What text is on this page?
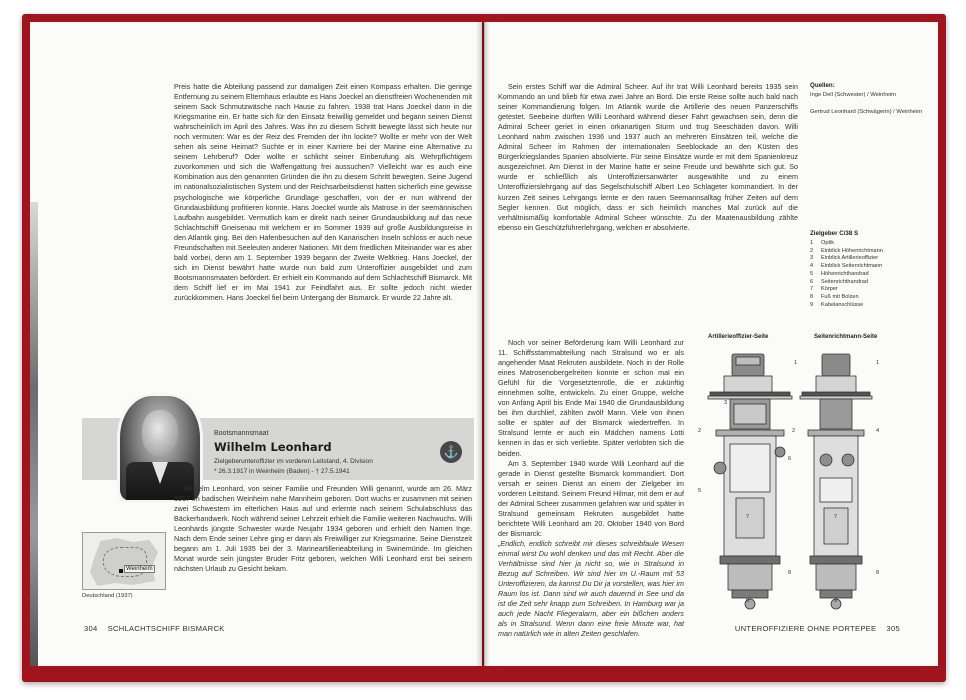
Preis hatte die Abteilung passend zur damaligen Zeit einen Kompass erhalten. Die geringe Entfernung zu seinem Elternhaus erlaubte es Hans Joeckel an dienstfreien Wochenenden mit seinem Sack Schmutzwäsche nach Hause zu fahren. 1938 trat Hans Joeckel dann in die Kriegsmarine ein. Er hatte sich für den Einsatz freiwillig gemeldet und begann seinen Dienst wahrscheinlich im April des Jahres. Was ihn zu diesem Schritt bewegte lässt sich heute nur noch vermuten: War es der Reiz des Fremden der ihn lockte? Wollte er mehr von der Welt sehen als seine Heimat? Suchte er in einer Karriere bei der Marine eine Alternative zu seinem Lehrberuf? Oder wollte er schlicht seiner Einberufung als Wehrpflichtigem zuvorkommen und sich die Waffengattung frei aussuchen? Vielleicht war es auch eine Kombination aus den genannten Gründen die ihn zu diesem Schritt bewegten. Seine Jugend im nationalsozialistischen System und der Reichsarbeitsdienst hatten sicherlich eine gewisse psychologische wie körperliche Grundlage geschaffen, von der er nun während der Grundausbildung profitieren konnte. Hans Joeckel wurde als Matrose in der seemännischen Laufbahn ausgebildet. Vermutlich kam er direkt nach seiner Grundausbildung auf das neue Schlachtschiff Gneisenau mit welchem er im Sommer 1939 auf große Ausbildungsreise in den Atlantik ging. Bei den Hafenbesuchen auf den Kanarischen Inseln schloss er auch neue Freundschaften mit Seeleuten anderer Nationen. Mit dem friedlichen Miteinander war es aber bald vorbei, denn am 1. September 1939 begann der Zweite Weltkrieg. Hans Joeckel, der sich im Dienst bewährt hatte wurde nun bald zum Unteroffizier ausgebildet und zum Bootsmannsmaaten befördert. Er erhielt ein Kommando auf dem Schlachtschiff Bismarck. Mit dem Schiff lief er im Mai 1941 zur Feindfahrt aus. Er sollte jedoch nicht wieder zurückkommen. Hans Joeckel fiel beim Untergang der Bismarck. Er wurde 22 Jahre alt.

Bootsmannsmaat
Wilhelm Leonhard
Zielgeberunteroffizier im vorderen Leitstand, 4. Division
* 26.3.1917 in Weinheim (Baden) - † 27.5.1941
⚓

Wilhelm Leonhard, von seiner Familie und Freunden Willi genannt, wurde am 26. März 1917 im badischen Weinheim nahe Mannheim geboren. Dort wuchs er zusammen mit seinen zwei Schwestern im elterlichen Haus auf und erlernte nach seinem Schulabschluss das Bäckerhandwerk. Noch während seiner Lehrzeit erhielt die Familie weiteren Nachwuchs. Willi Leonhards jüngste Schwester wurde Neujahr 1934 geboren und erhielt den Namen Inge. Nach dem Ende seiner Lehre ging er dann als Freiwilliger zur Kriegsmarine. Seine Dienstzeit begann am 1. Juli 1935 bei der 3. Marineartillerieabteilung in Swinemünde. Im gleichen Monat wurde sein jüngster Bruder Fritz geboren, welchen Willi Leonhard erst bei seinem nächsten Urlaub zu Gesicht bekam.

Weinheim
Deutschland (1937)
304 SCHLACHTSCHIFF BISMARCK

Sein erstes Schiff war die Admiral Scheer. Auf ihr trat Willi Leonhard bereits 1935 sein Kommando an und blieb für etwa zwei Jahre an Bord. Die erste Reise sollte auch bald nach seiner Kommandierung folgen. Im Atlantik wurde die Artillerie des neuen Panzerschiffs getestet. Seebeine dürften Willi Leonhard während dieser Fahrt gewachsen sein, denn die Admiral Scheer geriet in einen orkanartigen Sturm und trug Seeschäden davon. Willi Leonhard nahm zwischen 1936 und 1937 auch an mehreren Einsätzen teil, welche die Admiral Scheer im Rahmen der internationalen Seeblockade an den Küsten des Bürgerkriegslandes Spanien absolvierte. Für seine Einsätze wurde er mit dem Spanienkreuz ausgezeichnet. Am Dienst in der Marine hatte er seine Freude und bewährte sich gut. So wurde er schließlich als Unteroffiziersanwärter ausgewählte und zu einem Unteroffizierslehrgang auf das Segelschulschiff Albert Leo Schlageter kommandiert. In der kurzen Zeit seines Lehrgangs lernte er den rauen Seemannsalltag früher Zeiten auf dem Segler kennen. Gut möglich, dass er sich heimlich manches Mal zurück auf die verhältnismäßig komfortable Admiral Scheer wünschte. Zu der Maatenausbildung zählte ebenso ein Geschützführerlehrgang, welchen er absolvierte.

Noch vor seiner Beförderung kam Willi Leonhard zur 11. Schiffsstammabteilung nach Stralsund wo er als angehender Maat Rekruten ausbildete. Noch in der Rolle eines Matrosenobergefreiten konnte er schon mal ein Gefühl für die Vorgesetztenrolle, die er zukünftig einnehmen sollte, entwickeln. Zu einer Gruppe, welche von Anfang April bis Ende Mai 1940 die Grundausbildung bei ihm durchlief, zählten zwölf Mann. Viele von ihnen sollte er später auf der Bismarck wiedertreffen. In Stralsund lernte er auch ein Mädchen namens Lotti kennen in das er sich verliebte. Später verlobten sich die beiden.

Am 3. September 1940 wurde Willi Leonhard auf die gerade in Dienst gestellte Bismarck kommandiert. Dort versah er seinen Dienst an einem der Zielgeber im vorderen Leitstand. Seinem Freund Hilmar, mit dem er auf der Admiral Scheer zusammen gefahren war und später in Stralsund gemeinsam Rekruten ausgebildet hatte berichtete Willi Leonhard am 20. Oktober 1940 von Bord der Bismarck:

„Endlich, endlich schreibt mir dieses schreibfaule Wesen einmal wirst Du wohl denken und das mit Recht. Aber die Verhältnisse sind hier ja nicht so, wie in Stralsund in Bezug auf Schreiben. Wir sind hier im U.-Raum mit 53 Unteroffizieren, da kannst Du Dir ja vorstellen, was hier im Raum los ist. Dann sind wir auch dauernd in See und da ist die Zeit sehr knapp zum Schreiben. In Hamburg war ja auch jede Nacht Fliegeralarm, aber ein bißchen anders als in Stralsund. Wenn dann eine freie Minute war, hat man natürlich wie in alten Zeiten geschlafen.

Quellen:
Inge Dell (Schwester) / Weinheim
Gertrud Leonhard (Schwägerin) / Weinheim
Zielgeber C/38 S
1	Optik
2	Einblick Höhenrichtmann
3	Einblick Artillerieoffizier
4	Einblick Seitenrichtmann
5	Höhenrichthandrad
6	Seitenrichthandrad
7	Körper
8	Fuß mit Bolzen
9	Kabelanschlüsse
Artillerieoffizier-Seite	Seitenrichtmann-Seite
1
2
3
5
6
7
8
9
1
2	4
7
8
9
UNTEROFFIZIERE OHNE PORTEPEE 305
